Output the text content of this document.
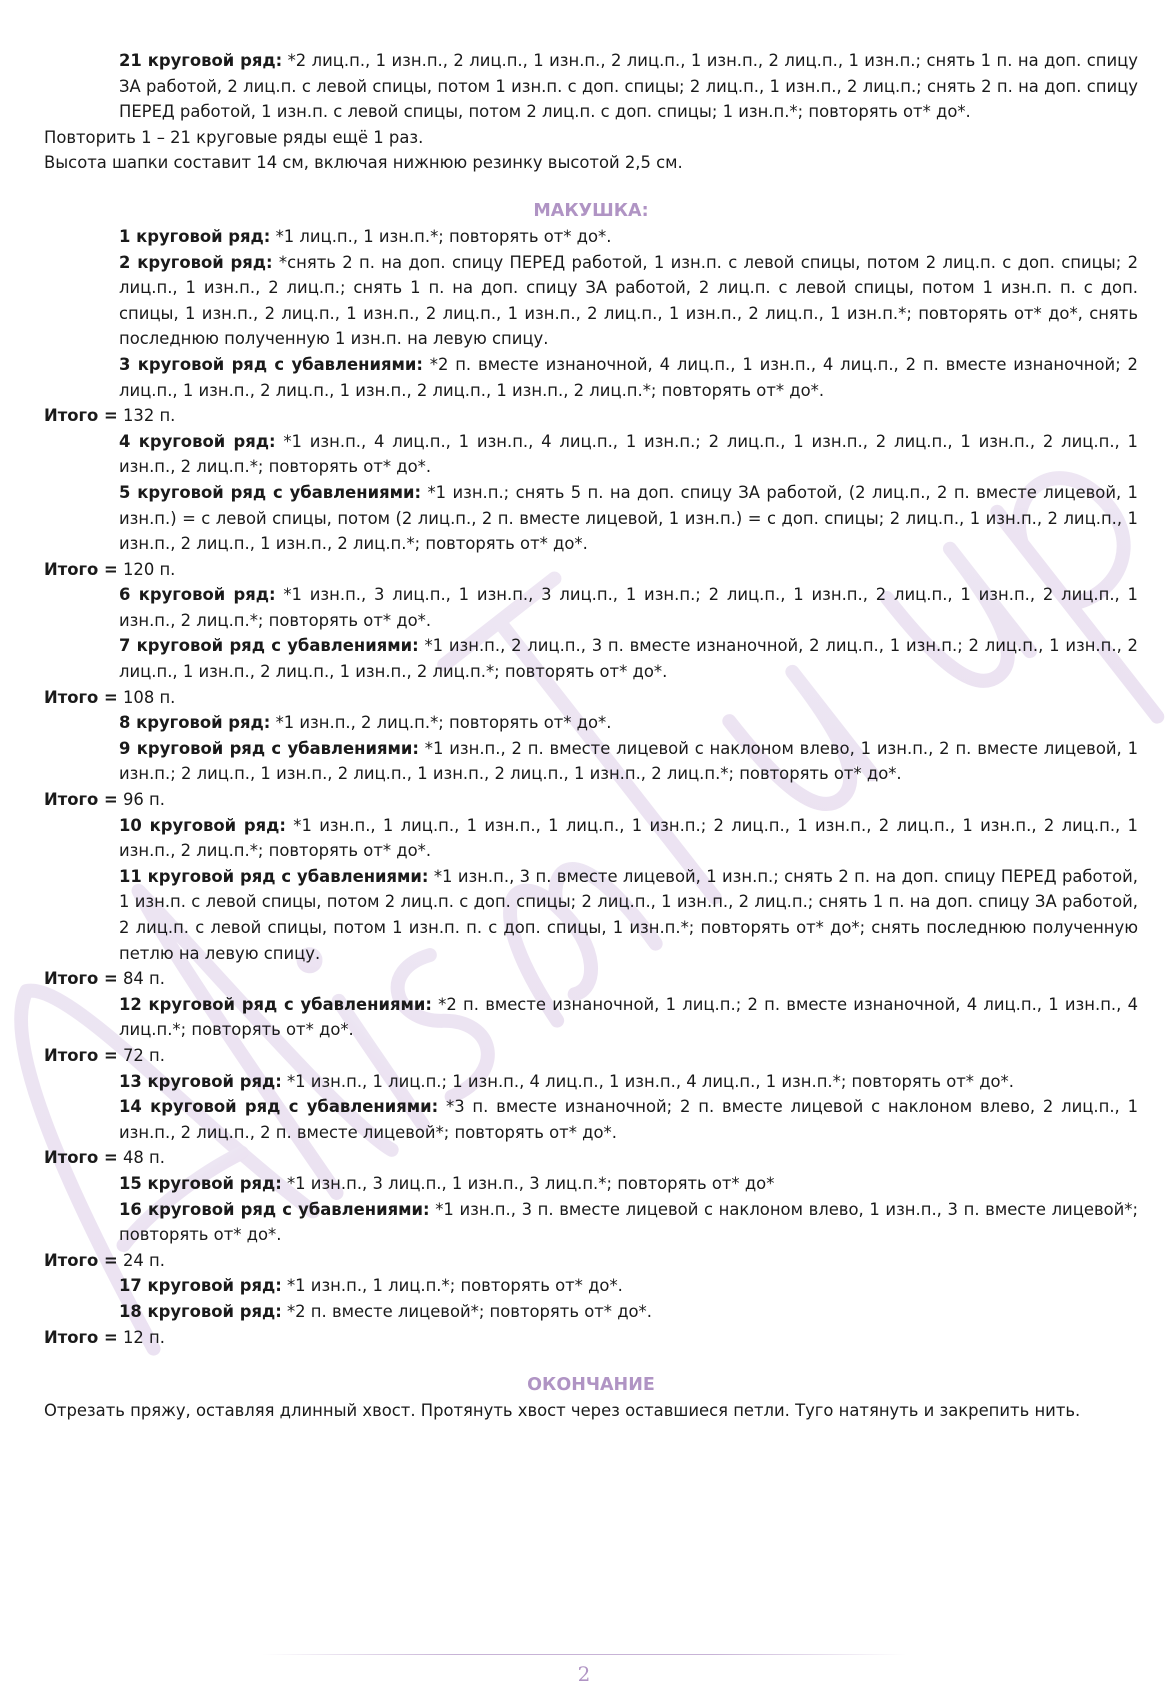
21 круговой ряд: *2 лиц.п., 1 изн.п., 2 лиц.п., 1 изн.п., 2 лиц.п., 1 изн.п., 2 лиц.п., 1 изн.п.; снять 1 п. на доп. спицу ЗА работой, 2 лиц.п. с левой спицы, потом 1 изн.п. с доп. спицы; 2 лиц.п., 1 изн.п., 2 лиц.п.; снять 2 п. на доп. спицу ПЕРЕД работой, 1 изн.п. с левой спицы, потом 2 лиц.п. с доп. спицы; 1 изн.п.*; повторять от* до*.

Повторить 1 – 21 круговые ряды ещё 1 раз.

Высота шапки составит 14 см, включая нижнюю резинку высотой 2,5 см.

МАКУШКА:

1 круговой ряд: *1 лиц.п., 1 изн.п.*; повторять от* до*.

2 круговой ряд: *снять 2 п. на доп. спицу ПЕРЕД работой, 1 изн.п. с левой спицы, потом 2 лиц.п. с доп. спицы; 2 лиц.п., 1 изн.п., 2 лиц.п.; снять 1 п. на доп. спицу ЗА работой, 2 лиц.п. с левой спицы, потом 1 изн.п. п. с доп. спицы, 1 изн.п., 2 лиц.п., 1 изн.п., 2 лиц.п., 1 изн.п., 2 лиц.п., 1 изн.п., 2 лиц.п., 1 изн.п.*; повторять от* до*, снять последнюю полученную 1 изн.п. на левую спицу.

3 круговой ряд с убавлениями: *2 п. вместе изнаночной, 4 лиц.п., 1 изн.п., 4 лиц.п., 2 п. вместе изнаночной; 2 лиц.п., 1 изн.п., 2 лиц.п., 1 изн.п., 2 лиц.п., 1 изн.п., 2 лиц.п.*; повторять от* до*.

Итого = 132 п.

4 круговой ряд: *1 изн.п., 4 лиц.п., 1 изн.п., 4 лиц.п., 1 изн.п.; 2 лиц.п., 1 изн.п., 2 лиц.п., 1 изн.п., 2 лиц.п., 1 изн.п., 2 лиц.п.*; повторять от* до*.

5 круговой ряд с убавлениями: *1 изн.п.; снять 5 п. на доп. спицу ЗА работой, (2 лиц.п., 2 п. вместе лицевой, 1 изн.п.) = с левой спицы, потом (2 лиц.п., 2 п. вместе лицевой, 1 изн.п.) = с доп. спицы; 2 лиц.п., 1 изн.п., 2 лиц.п., 1 изн.п., 2 лиц.п., 1 изн.п., 2 лиц.п.*; повторять от* до*.

Итого = 120 п.

6 круговой ряд: *1 изн.п., 3 лиц.п., 1 изн.п., 3 лиц.п., 1 изн.п.; 2 лиц.п., 1 изн.п., 2 лиц.п., 1 изн.п., 2 лиц.п., 1 изн.п., 2 лиц.п.*; повторять от* до*.

7 круговой ряд с убавлениями: *1 изн.п., 2 лиц.п., 3 п. вместе изнаночной, 2 лиц.п., 1 изн.п.; 2 лиц.п., 1 изн.п., 2 лиц.п., 1 изн.п., 2 лиц.п., 1 изн.п., 2 лиц.п.*; повторять от* до*.

Итого = 108 п.

8 круговой ряд: *1 изн.п., 2 лиц.п.*; повторять от* до*.

9 круговой ряд с убавлениями: *1 изн.п., 2 п. вместе лицевой с наклоном влево, 1 изн.п., 2 п. вместе лицевой, 1 изн.п.; 2 лиц.п., 1 изн.п., 2 лиц.п., 1 изн.п., 2 лиц.п., 1 изн.п., 2 лиц.п.*; повторять от* до*.

Итого = 96 п.

10 круговой ряд: *1 изн.п., 1 лиц.п., 1 изн.п., 1 лиц.п., 1 изн.п.; 2 лиц.п., 1 изн.п., 2 лиц.п., 1 изн.п., 2 лиц.п., 1 изн.п., 2 лиц.п.*; повторять от* до*.

11 круговой ряд с убавлениями: *1 изн.п., 3 п. вместе лицевой, 1 изн.п.; снять 2 п. на доп. спицу ПЕРЕД работой, 1 изн.п. с левой спицы, потом 2 лиц.п. с доп. спицы; 2 лиц.п., 1 изн.п., 2 лиц.п.; снять 1 п. на доп. спицу ЗА работой, 2 лиц.п. с левой спицы, потом 1 изн.п. п. с доп. спицы, 1 изн.п.*; повторять от* до*; снять последнюю полученную петлю на левую спицу.

Итого = 84 п.

12 круговой ряд с убавлениями: *2 п. вместе изнаночной, 1 лиц.п.; 2 п. вместе изнаночной, 4 лиц.п., 1 изн.п., 4 лиц.п.*; повторять от* до*.

Итого = 72 п.

13 круговой ряд: *1 изн.п., 1 лиц.п.; 1 изн.п., 4 лиц.п., 1 изн.п., 4 лиц.п., 1 изн.п.*; повторять от* до*.

14 круговой ряд с убавлениями: *3 п. вместе изнаночной; 2 п. вместе лицевой с наклоном влево, 2 лиц.п., 1 изн.п., 2 лиц.п., 2 п. вместе лицевой*; повторять от* до*.

Итого = 48 п.

15 круговой ряд: *1 изн.п., 3 лиц.п., 1 изн.п., 3 лиц.п.*; повторять от* до*

16 круговой ряд с убавлениями: *1 изн.п., 3 п. вместе лицевой с наклоном влево, 1 изн.п., 3 п. вместе лицевой*; повторять от* до*.

Итого = 24 п.

17 круговой ряд: *1 изн.п., 1 лиц.п.*; повторять от* до*.

18 круговой ряд: *2 п. вместе лицевой*; повторять от* до*.

Итого = 12 п.

ОКОНЧАНИЕ

Отрезать пряжу, оставляя длинный хвост. Протянуть хвост через оставшиеся петли. Туго натянуть и закрепить нить.

2
